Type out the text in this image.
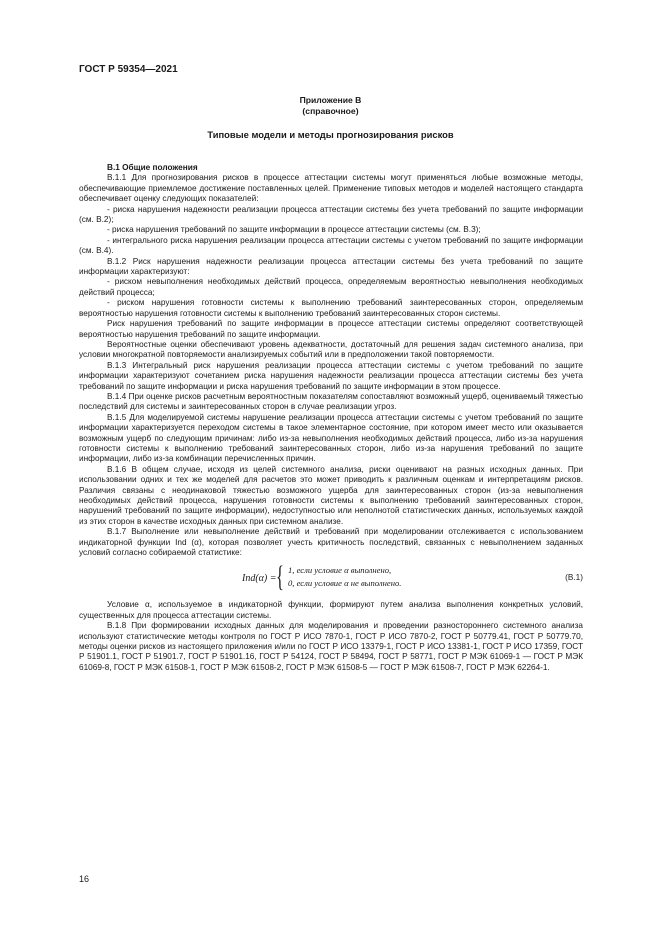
ГОСТ Р 59354—2021
Приложение В
(справочное)
Типовые модели и методы прогнозирования рисков

В.1 Общие положения

В.1.1 Для прогнозирования рисков в процессе аттестации системы могут применяться любые возможные методы, обеспечивающие приемлемое достижение поставленных целей. Применение типовых методов и моделей настоящего стандарта обеспечивает оценку следующих показателей:

- риска нарушения надежности реализации процесса аттестации системы без учета требований по защите информации (см. В.2);

- риска нарушения требований по защите информации в процессе аттестации системы (см. В.3);

- интегрального риска нарушения реализации процесса аттестации системы с учетом требований по защите информации (см. В.4).

В.1.2 Риск нарушения надежности реализации процесса аттестации системы без учета требований по защите информации характеризуют:

- риском невыполнения необходимых действий процесса, определяемым вероятностью невыполнения необходимых действий процесса;

- риском нарушения готовности системы к выполнению требований заинтересованных сторон, определяемым вероятностью нарушения готовности системы к выполнению требований заинтересованных сторон системы.

Риск нарушения требований по защите информации в процессе аттестации системы определяют соответствующей вероятностью нарушения требований по защите информации.

Вероятностные оценки обеспечивают уровень адекватности, достаточный для решения задач системного анализа, при условии многократной повторяемости анализируемых событий или в предположении такой повторяемости.

В.1.3 Интегральный риск нарушения реализации процесса аттестации системы с учетом требований по защите информации характеризуют сочетанием риска нарушения надежности реализации процесса аттестации системы без учета требований по защите информации и риска нарушения требований по защите информации в этом процессе.

В.1.4 При оценке рисков расчетным вероятностным показателям сопоставляют возможный ущерб, оцениваемый тяжестью последствий для системы и заинтересованных сторон в случае реализации угроз.

В.1.5 Для моделируемой системы нарушение реализации процесса аттестации системы с учетом требований по защите информации характеризуется переходом системы в такое элементарное состояние, при котором имеет место или оказывается возможным ущерб по следующим причинам: либо из-за невыполнения необходимых действий процесса, либо из-за нарушения готовности системы к выполнению требований заинтересованных сторон, либо из-за нарушения требований по защите информации, либо из-за комбинации перечисленных причин.

В.1.6 В общем случае, исходя из целей системного анализа, риски оценивают на разных исходных данных. При использовании одних и тех же моделей для расчетов это может приводить к различным оценкам и интерпретациям рисков. Различия связаны с неодинаковой тяжестью возможного ущерба для заинтересованных сторон (из-за невыполнения необходимых действий процесса, нарушения готовности системы к выполнению требований заинтересованных сторон, нарушений требований по защите информации), недоступностью или неполнотой статистических данных, используемых каждой из этих сторон в качестве исходных данных при системном анализе.

В.1.7 Выполнение или невыполнение действий и требований при моделировании отслеживается с использованием индикаторной функции Ind (α), которая позволяет учесть критичность последствий, связанных с невыполнением заданных условий согласно собираемой статистике:

Ind(α) = { 1, если условие α выполнено,
0, если условие α не выполнено.
(В.1)

Условие α, используемое в индикаторной функции, формируют путем анализа выполнения конкретных условий, существенных для процесса аттестации системы.

В.1.8 При формировании исходных данных для моделирования и проведении разностороннего системного анализа используют статистические методы контроля по ГОСТ Р ИСО 7870-1, ГОСТ Р ИСО 7870-2, ГОСТ Р 50779.41, ГОСТ Р 50779.70, методы оценки рисков из настоящего приложения и/или по ГОСТ Р ИСО 13379-1, ГОСТ Р ИСО 13381-1, ГОСТ Р ИСО 17359, ГОСТ Р 51901.1, ГОСТ Р 51901.7, ГОСТ Р 51901.16, ГОСТ Р 54124, ГОСТ Р 58494, ГОСТ Р 58771, ГОСТ Р МЭК 61069-1 — ГОСТ Р МЭК 61069-8, ГОСТ Р МЭК 61508-1, ГОСТ Р МЭК 61508-2, ГОСТ Р МЭК 61508-5 — ГОСТ Р МЭК 61508-7, ГОСТ Р МЭК 62264-1.

16
